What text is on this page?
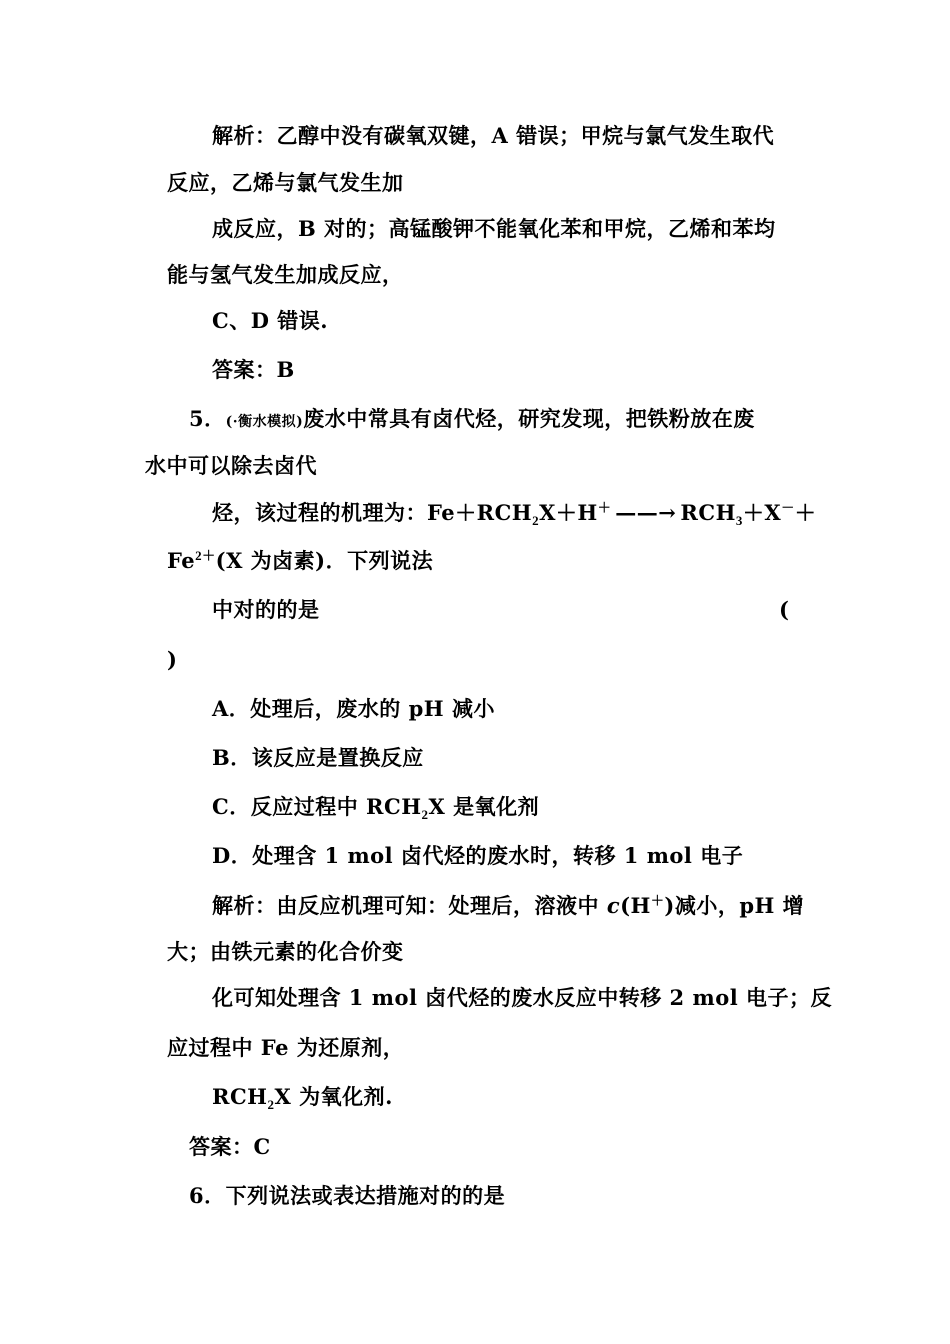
解析：乙醇中没有碳氧双键，A 错误；甲烷与氯气发生取代
反应，乙烯与氯气发生加
成反应，B 对的；高锰酸钾不能氧化苯和甲烷，乙烯和苯均
能与氢气发生加成反应，
C、D 错误.
答案：B
5．(·衡水模拟)废水中常具有卤代烃，研究发现，把铁粉放在废
水中可以除去卤代
烃，该过程的机理为：$Fe+RCH_2X+H^+$ ——→ $RCH_3+X^-+$
$Fe^{2+}(X$ 为卤素)．下列说法
中对的的是	(
)
A．处理后，废水的 pH 减小
B．该反应是置换反应
C．反应过程中 $RCH_2X$ 是氧化剂
D．处理含 1 mol 卤代烃的废水时，转移 1 mol 电子
解析：由反应机理可知：处理后，溶液中 c(H＋)减小，pH 增
大；由铁元素的化合价变
化可知处理含 1 mol 卤代烃的废水反应中转移 2 mol 电子；反
应过程中 Fe 为还原剂，
$RCH_2X$ 为氧化剂.
答案：C
6．下列说法或表达措施对的的是
